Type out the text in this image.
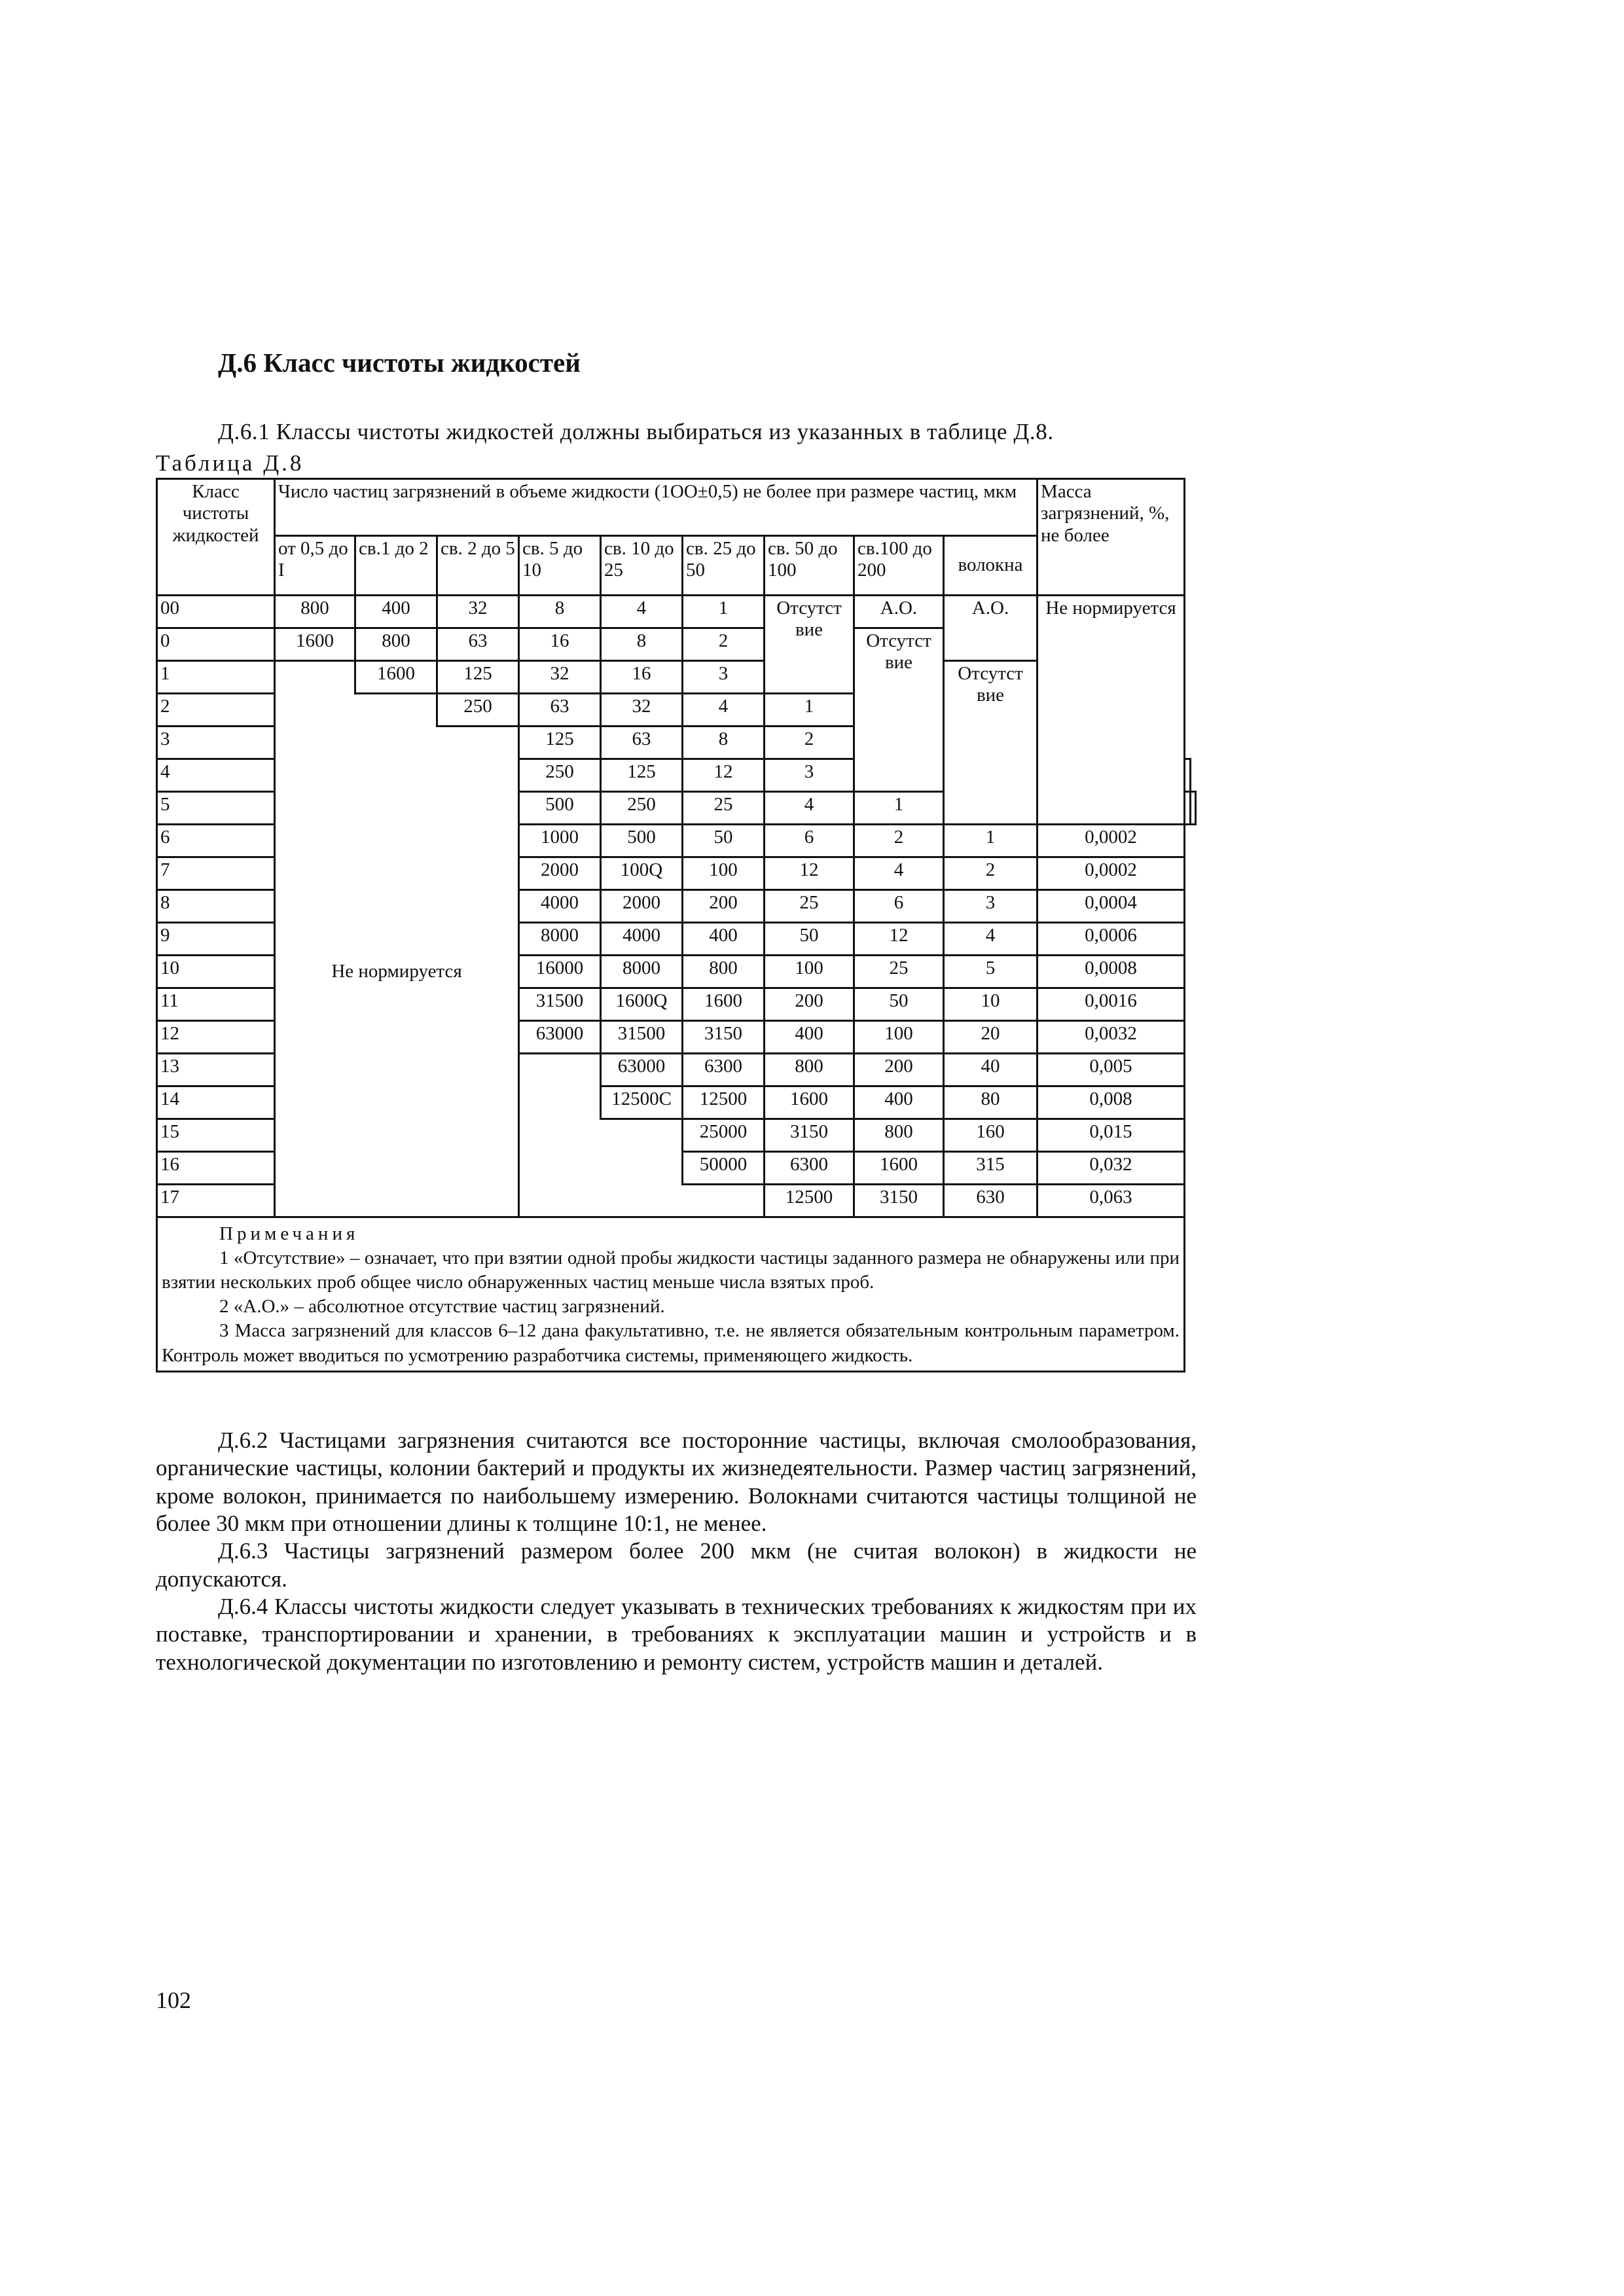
Д.6 Класс чистоты жидкостей

Д.6.1 Классы чистоты жидкостей должны выбираться из указанных в таблице Д.8.

Таблица Д.8

Класс чистоты жидкостей	Число частиц загрязнений в объеме жидкости (1OO±0,5) не более при размере частиц, мкм									Масса загрязнений, %, не более		
	от 0,5 до I	св.1 до 2	св. 2 до 5	св. 5 до 10	св. 10 до 25	св. 25 до 50	св. 50 до 100	св.100 до 200	волокна			
00	800	400	32	8	4	1	Отсутст вие	А.О.	А.О.	Не нормируется		
0	1600	800	63	16	8	2		Отсутст вие				
1		1600	125	32	16	3			Отсутст вие			
2			250	63	32	4	1					
3	Не нормируется			125	63	8	2					
4				250	125	12	3					
5				500	250	25	4	1				
6				1000	500	50	6	2	1	0,0002		
7				2000	100Q	100	12	4	2	0,0002		
8				4000	2000	200	25	6	3	0,0004		
9				8000	4000	400	50	12	4	0,0006		
10				16000	8000	800	100	25	5	0,0008		
11				31500	1600Q	1600	200	50	10	0,0016		
12				63000	31500	3150	400	100	20	0,0032		
13					63000	6300	800	200	40	0,005		
14					12500C	12500	1600	400	80	0,008		
15						25000	3150	800	160	0,015		
16						50000	6300	1600	315	0,032		
17							12500	3150	630	0,063		

Примечания

1 «Отсутствие» – означает, что при взятии одной пробы жидкости частицы заданного размера не обнаружены или при взятии нескольких проб общее число обнаруженных частиц меньше числа взятых проб.

2 «А.О.» – абсолютное отсутствие частиц загрязнений.

3 Масса загрязнений для классов 6–12 дана факультативно, т.е. не является обязательным контрольным параметром. Контроль может вводиться по усмотрению разработчика системы, применяющего жидкость.												

Д.6.2 Частицами загрязнения считаются все посторонние частицы, включая смолообразования, органические частицы, колонии бактерий и продукты их жизнедеятельности. Размер частиц загрязнений, кроме волокон, принимается по наибольшему измерению. Волокнами считаются частицы толщиной не более 30 мкм при отношении длины к толщине 10:1, не менее.

Д.6.3 Частицы загрязнений размером более 200 мкм (не считая волокон) в жидкости не допускаются.

Д.6.4 Классы чистоты жидкости следует указывать в технических требованиях к жидкостям при их поставке, транспортировании и хранении, в требованиях к эксплуатации машин и устройств и в технологической документации по изготовлению и ремонту систем, устройств машин и деталей.

102
